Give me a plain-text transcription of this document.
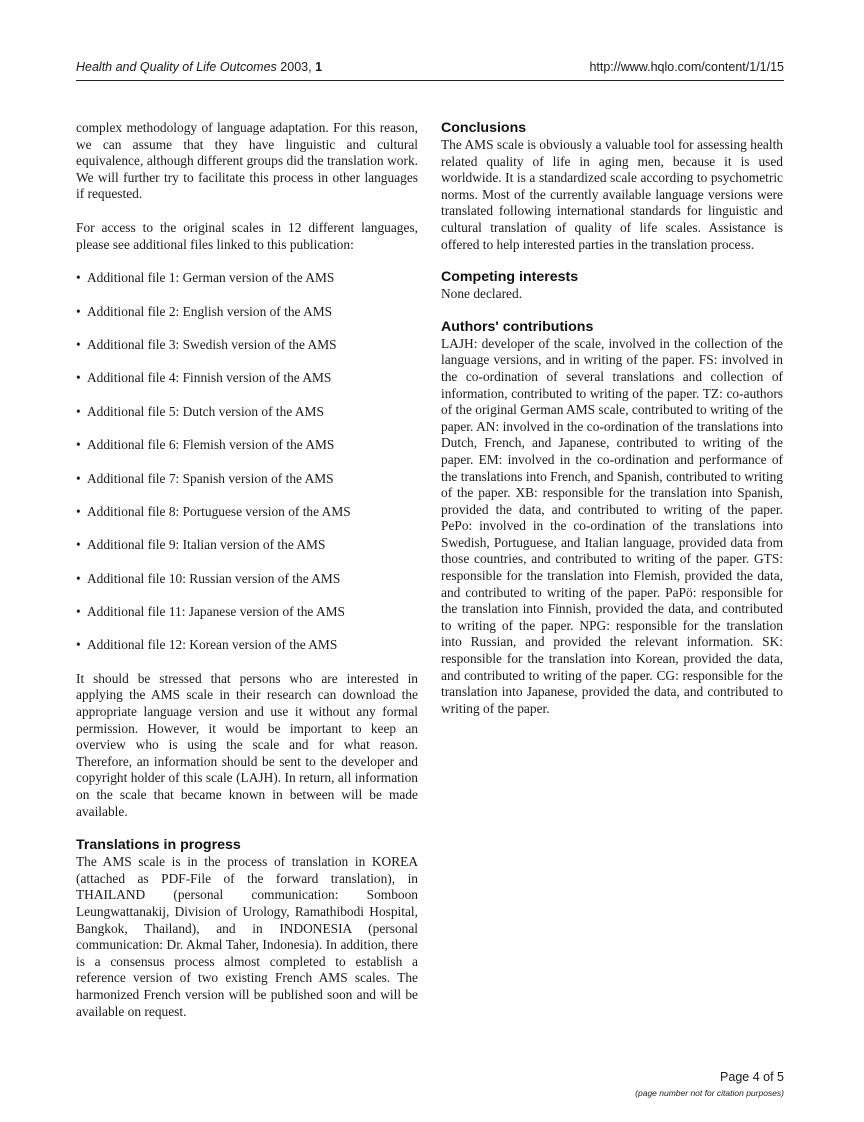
Health and Quality of Life Outcomes 2003, 1	http://www.hqlo.com/content/1/1/15

complex methodology of language adaptation. For this reason, we can assume that they have linguistic and cultural equivalence, although different groups did the translation work. We will further try to facilitate this process in other languages if requested.

For access to the original scales in 12 different languages, please see additional files linked to this publication:

• Additional file 1: German version of the AMS
• Additional file 2: English version of the AMS
• Additional file 3: Swedish version of the AMS
• Additional file 4: Finnish version of the AMS
• Additional file 5: Dutch version of the AMS
• Additional file 6: Flemish version of the AMS
• Additional file 7: Spanish version of the AMS
• Additional file 8: Portuguese version of the AMS
• Additional file 9: Italian version of the AMS
• Additional file 10: Russian version of the AMS
• Additional file 11: Japanese version of the AMS
• Additional file 12: Korean version of the AMS

It should be stressed that persons who are interested in applying the AMS scale in their research can download the appropriate language version and use it without any formal permission. However, it would be important to keep an overview who is using the scale and for what reason. Therefore, an information should be sent to the developer and copyright holder of this scale (LAJH). In return, all information on the scale that became known in between will be made available.

Translations in progress

The AMS scale is in the process of translation in KOREA (attached as PDF-File of the forward translation), in THAILAND (personal communication: Somboon Leungwattanakij, Division of Urology, Ramathibodi Hospital, Bangkok, Thailand), and in INDONESIA (personal communication: Dr. Akmal Taher, Indonesia). In addition, there is a consensus process almost completed to establish a reference version of two existing French AMS scales. The harmonized French version will be published soon and will be available on request.

Conclusions

The AMS scale is obviously a valuable tool for assessing health related quality of life in aging men, because it is used worldwide. It is a standardized scale according to psychometric norms. Most of the currently available language versions were translated following international standards for linguistic and cultural translation of quality of life scales. Assistance is offered to help interested parties in the translation process.

Competing interests

None declared.

Authors' contributions

LAJH: developer of the scale, involved in the collection of the language versions, and in writing of the paper. FS: involved in the co-ordination of several translations and collection of information, contributed to writing of the paper. TZ: co-authors of the original German AMS scale, contributed to writing of the paper. AN: involved in the co-ordination of the translations into Dutch, French, and Japanese, contributed to writing of the paper. EM: involved in the co-ordination and performance of the translations into French, and Spanish, contributed to writing of the paper. XB: responsible for the translation into Spanish, provided the data, and contributed to writing of the paper. PePo: involved in the co-ordination of the translations into Swedish, Portuguese, and Italian language, provided data from those countries, and contributed to writing of the paper. GTS: responsible for the translation into Flemish, provided the data, and contributed to writing of the paper. PaPö: responsible for the translation into Finnish, provided the data, and contributed to writing of the paper. NPG: responsible for the translation into Russian, and provided the relevant information. SK: responsible for the translation into Korean, provided the data, and contributed to writing of the paper. CG: responsible for the translation into Japanese, provided the data, and contributed to writing of the paper.

Page 4 of 5
(page number not for citation purposes)
